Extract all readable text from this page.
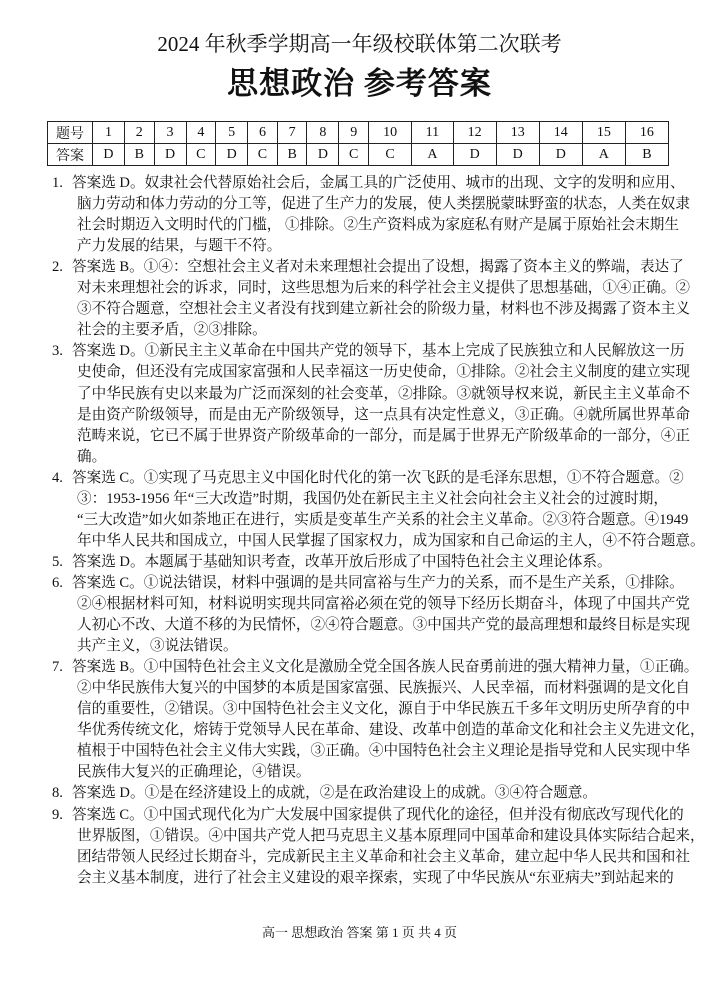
2024 年秋季学期高一年级校联体第二次联考
思想政治 参考答案
题号	1	2	3	4	5	6	7	8	9	10	11	12	13	14	15	16
答案	D	B	D	C	D	C	B	D	C	C	A	D	D	D	A	B
1. 答案选 D。奴隶社会代替原始社会后，金属工具的广泛使用、城市的出现、文字的发明和应用、
脑力劳动和体力劳动的分工等，促进了生产力的发展，使人类摆脱蒙昧野蛮的状态，人类在奴隶
社会时期迈入文明时代的门槛， ①排除。②生产资料成为家庭私有财产是属于原始社会末期生
产力发展的结果，与题干不符。
2. 答案选 B。①④：空想社会主义者对未来理想社会提出了设想，揭露了资本主义的弊端，表达了
对未来理想社会的诉求，同时，这些思想为后来的科学社会主义提供了思想基础，①④正确。②
③不符合题意，空想社会主义者没有找到建立新社会的阶级力量，材料也不涉及揭露了资本主义
社会的主要矛盾，②③排除。
3. 答案选 D。①新民主主义革命在中国共产党的领导下，基本上完成了民族独立和人民解放这一历
史使命，但还没有完成国家富强和人民幸福这一历史使命，①排除。②社会主义制度的建立实现
了中华民族有史以来最为广泛而深刻的社会变革，②排除。③就领导权来说，新民主主义革命不
是由资产阶级领导，而是由无产阶级领导，这一点具有决定性意义，③正确。④就所属世界革命
范畴来说，它已不属于世界资产阶级革命的一部分，而是属于世界无产阶级革命的一部分，④正
确。
4. 答案选 C。①实现了马克思主义中国化时代化的第一次飞跃的是毛泽东思想，①不符合题意。②
③：1953-1956 年“三大改造”时期，我国仍处在新民主主义社会向社会主义社会的过渡时期，
“三大改造”如火如荼地正在进行，实质是变革生产关系的社会主义革命。②③符合题意。④1949
年中华人民共和国成立，中国人民掌握了国家权力，成为国家和自己命运的主人，④不符合题意。
5. 答案选 D。本题属于基础知识考查，改革开放后形成了中国特色社会主义理论体系。
6. 答案选 C。①说法错误，材料中强调的是共同富裕与生产力的关系，而不是生产关系，①排除。
②④根据材料可知，材料说明实现共同富裕必须在党的领导下经历长期奋斗，体现了中国共产党
人初心不改、大道不移的为民情怀，②④符合题意。③中国共产党的最高理想和最终目标是实现
共产主义，③说法错误。
7. 答案选 B。①中国特色社会主义文化是激励全党全国各族人民奋勇前进的强大精神力量，①正确。
②中华民族伟大复兴的中国梦的本质是国家富强、民族振兴、人民幸福，而材料强调的是文化自
信的重要性，②错误。③中国特色社会主义文化，源自于中华民族五千多年文明历史所孕育的中
华优秀传统文化，熔铸于党领导人民在革命、建设、改革中创造的革命文化和社会主义先进文化，
植根于中国特色社会主义伟大实践，③正确。④中国特色社会主义理论是指导党和人民实现中华
民族伟大复兴的正确理论，④错误。
8. 答案选 D。①是在经济建设上的成就，②是在政治建设上的成就。③④符合题意。
9. 答案选 C。①中国式现代化为广大发展中国家提供了现代化的途径，但并没有彻底改写现代化的
世界版图，①错误。④中国共产党人把马克思主义基本原理同中国革命和建设具体实际结合起来，
团结带领人民经过长期奋斗，完成新民主主义革命和社会主义革命，建立起中华人民共和国和社
会主义基本制度，进行了社会主义建设的艰辛探索，实现了中华民族从“东亚病夫”到站起来的
高一 思想政治 答案 第 1 页 共 4 页
